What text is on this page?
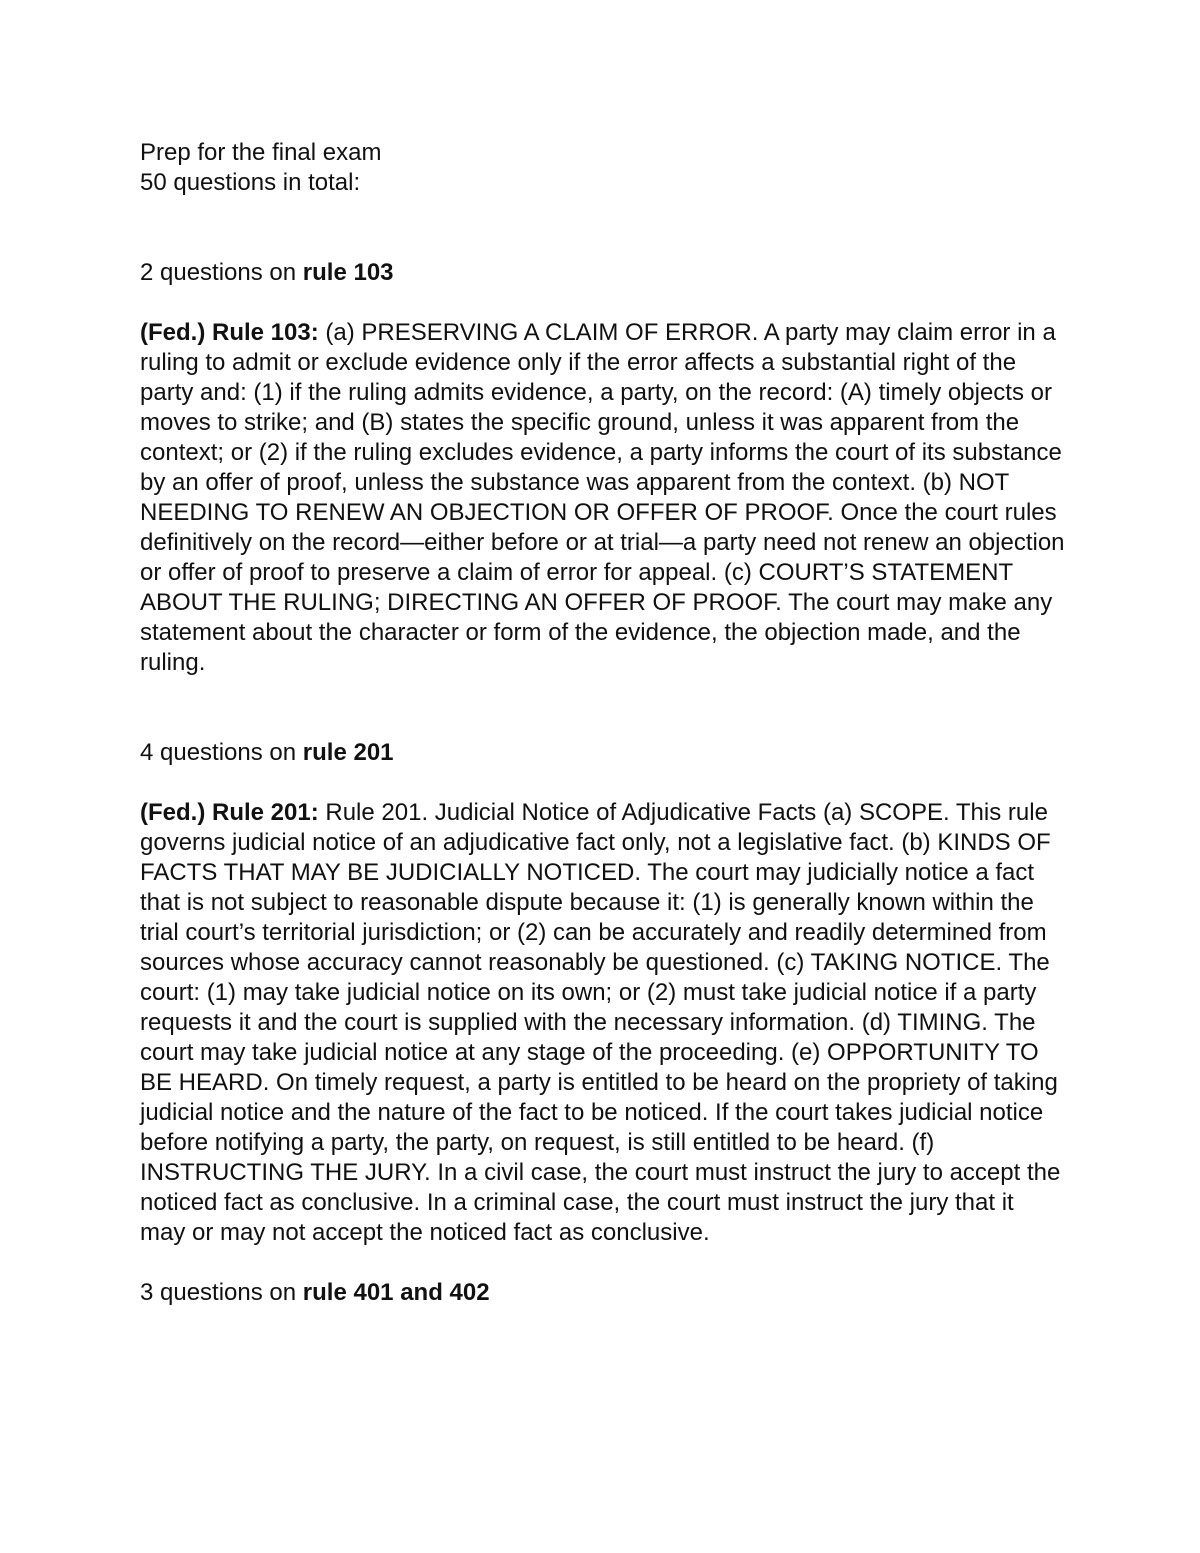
Prep for the final exam
50 questions in total:
2 questions on rule 103

(Fed.) Rule 103: (a) PRESERVING A CLAIM OF ERROR. A party may claim error in a ruling to admit or exclude evidence only if the error affects a substantial right of the party and: (1) if the ruling admits evidence, a party, on the record: (A) timely objects or moves to strike; and (B) states the specific ground, unless it was apparent from the context; or (2) if the ruling excludes evidence, a party informs the court of its substance by an offer of proof, unless the substance was apparent from the context. (b) NOT NEEDING TO RENEW AN OBJECTION OR OFFER OF PROOF. Once the court rules definitively on the record—either before or at trial—a party need not renew an objection or offer of proof to preserve a claim of error for appeal. (c) COURT’S STATEMENT ABOUT THE RULING; DIRECTING AN OFFER OF PROOF. The court may make any statement about the character or form of the evidence, the objection made, and the ruling.

4 questions on rule 201

(Fed.) Rule 201: Rule 201. Judicial Notice of Adjudicative Facts (a) SCOPE. This rule governs judicial notice of an adjudicative fact only, not a legislative fact. (b) KINDS OF FACTS THAT MAY BE JUDICIALLY NOTICED. The court may judicially notice a fact that is not subject to reasonable dispute because it: (1) is generally known within the trial court’s territorial jurisdiction; or (2) can be accurately and readily determined from sources whose accuracy cannot reasonably be questioned. (c) TAKING NOTICE. The court: (1) may take judicial notice on its own; or (2) must take judicial notice if a party requests it and the court is supplied with the necessary information. (d) TIMING. The court may take judicial notice at any stage of the proceeding. (e) OPPORTUNITY TO BE HEARD. On timely request, a party is entitled to be heard on the propriety of taking judicial notice and the nature of the fact to be noticed. If the court takes judicial notice before notifying a party, the party, on request, is still entitled to be heard. (f) INSTRUCTING THE JURY. In a civil case, the court must instruct the jury to accept the noticed fact as conclusive. In a criminal case, the court must instruct the jury that it may or may not accept the noticed fact as conclusive.

3 questions on rule 401 and 402
